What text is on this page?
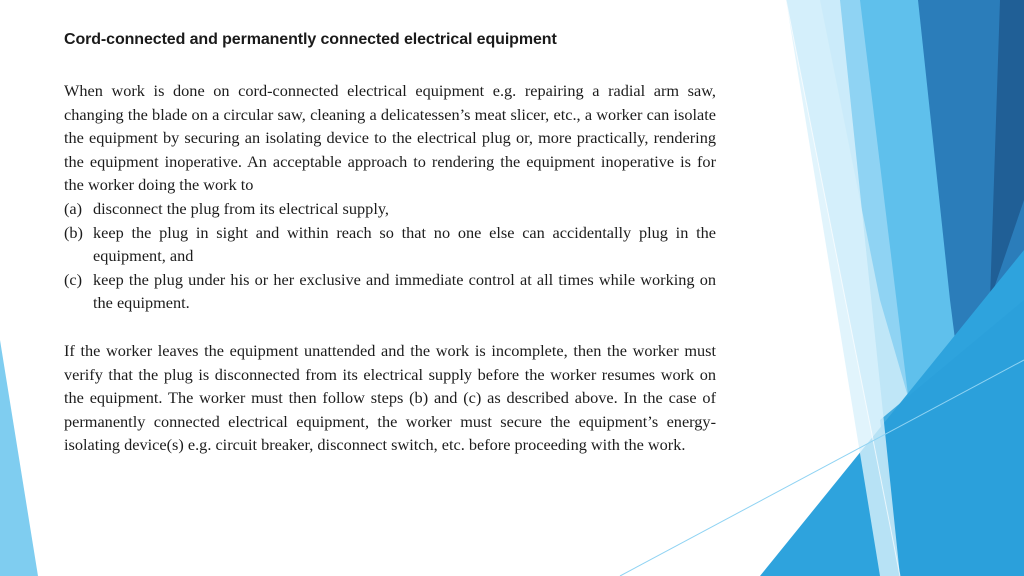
Cord-connected and permanently connected electrical equipment

When work is done on cord-connected electrical equipment e.g. repairing a radial arm saw, changing the blade on a circular saw, cleaning a delicatessen’s meat slicer, etc., a worker can isolate the equipment by securing an isolating device to the electrical plug or, more practically, rendering the equipment inoperative. An acceptable approach to rendering the equipment inoperative is for the worker doing the work to

(a) disconnect the plug from its electrical supply,
(b) keep the plug in sight and within reach so that no one else can accidentally plug in the equipment, and
(c) keep the plug under his or her exclusive and immediate control at all times while working on the equipment.

If the worker leaves the equipment unattended and the work is incomplete, then the worker must verify that the plug is disconnected from its electrical supply before the worker resumes work on the equipment. The worker must then follow steps (b) and (c) as described above. In the case of permanently connected electrical equipment, the worker must secure the equipment’s energy-isolating device(s) e.g. circuit breaker, disconnect switch, etc. before proceeding with the work.
